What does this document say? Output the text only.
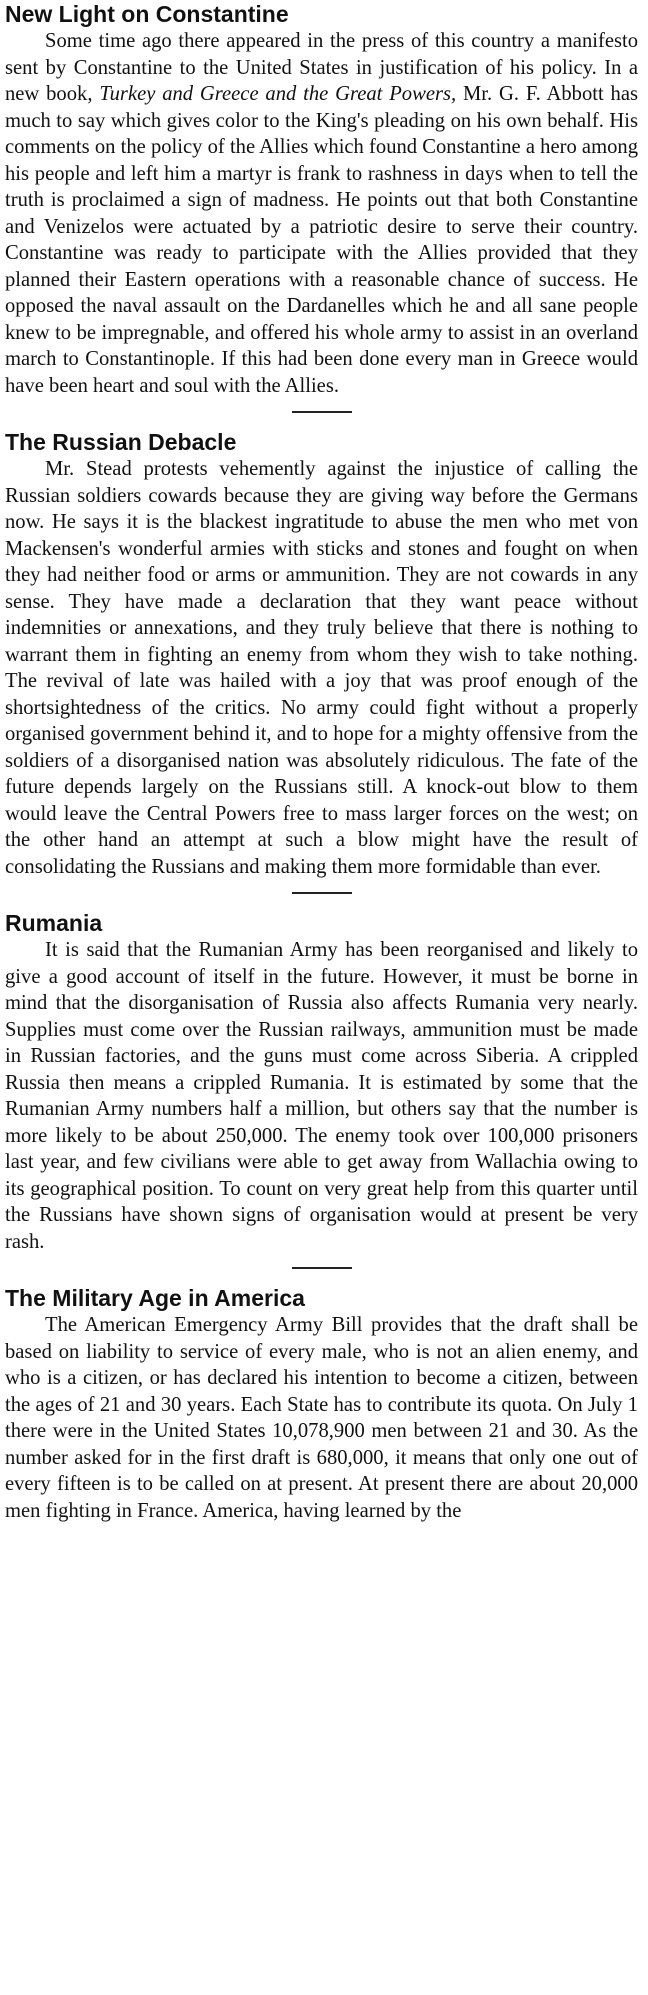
New Light on Constantine

Some time ago there appeared in the press of this country a manifesto sent by Constantine to the United States in justification of his policy. In a new book, Turkey and Greece and the Great Powers, Mr. G. F. Abbott has much to say which gives color to the King's pleading on his own behalf. His comments on the policy of the Allies which found Constantine a hero among his people and left him a martyr is frank to rashness in days when to tell the truth is proclaimed a sign of madness. He points out that both Constantine and Venizelos were actuated by a patriotic desire to serve their country. Constantine was ready to participate with the Allies provided that they planned their Eastern operations with a reasonable chance of success. He opposed the naval assault on the Dardanelles which he and all sane people knew to be impregnable, and offered his whole army to assist in an overland march to Constantinople. If this had been done every man in Greece would have been heart and soul with the Allies.

The Russian Debacle

Mr. Stead protests vehemently against the injustice of calling the Russian soldiers cowards because they are giving way before the Germans now. He says it is the blackest ingratitude to abuse the men who met von Mackensen's wonderful armies with sticks and stones and fought on when they had neither food or arms or ammunition. They are not cowards in any sense. They have made a declaration that they want peace without indemnities or annexations, and they truly believe that there is nothing to warrant them in fighting an enemy from whom they wish to take nothing. The revival of late was hailed with a joy that was proof enough of the shortsightedness of the critics. No army could fight without a properly organised government behind it, and to hope for a mighty offensive from the soldiers of a disorganised nation was absolutely ridiculous. The fate of the future depends largely on the Russians still. A knock-out blow to them would leave the Central Powers free to mass larger forces on the west; on the other hand an attempt at such a blow might have the result of consolidating the Russians and making them more formidable than ever.

Rumania

It is said that the Rumanian Army has been reorganised and likely to give a good account of itself in the future. However, it must be borne in mind that the disorganisation of Russia also affects Rumania very nearly. Supplies must come over the Russian railways, ammunition must be made in Russian factories, and the guns must come across Siberia. A crippled Russia then means a crippled Rumania. It is estimated by some that the Rumanian Army numbers half a million, but others say that the number is more likely to be about 250,000. The enemy took over 100,000 prisoners last year, and few civilians were able to get away from Wallachia owing to its geographical position. To count on very great help from this quarter until the Russians have shown signs of organisation would at present be very rash.

The Military Age in America

The American Emergency Army Bill provides that the draft shall be based on liability to service of every male, who is not an alien enemy, and who is a citizen, or has declared his intention to become a citizen, between the ages of 21 and 30 years. Each State has to contribute its quota. On July 1 there were in the United States 10,078,900 men between 21 and 30. As the number asked for in the first draft is 680,000, it means that only one out of every fifteen is to be called on at present. At present there are about 20,000 men fighting in France. America, having learned by the
